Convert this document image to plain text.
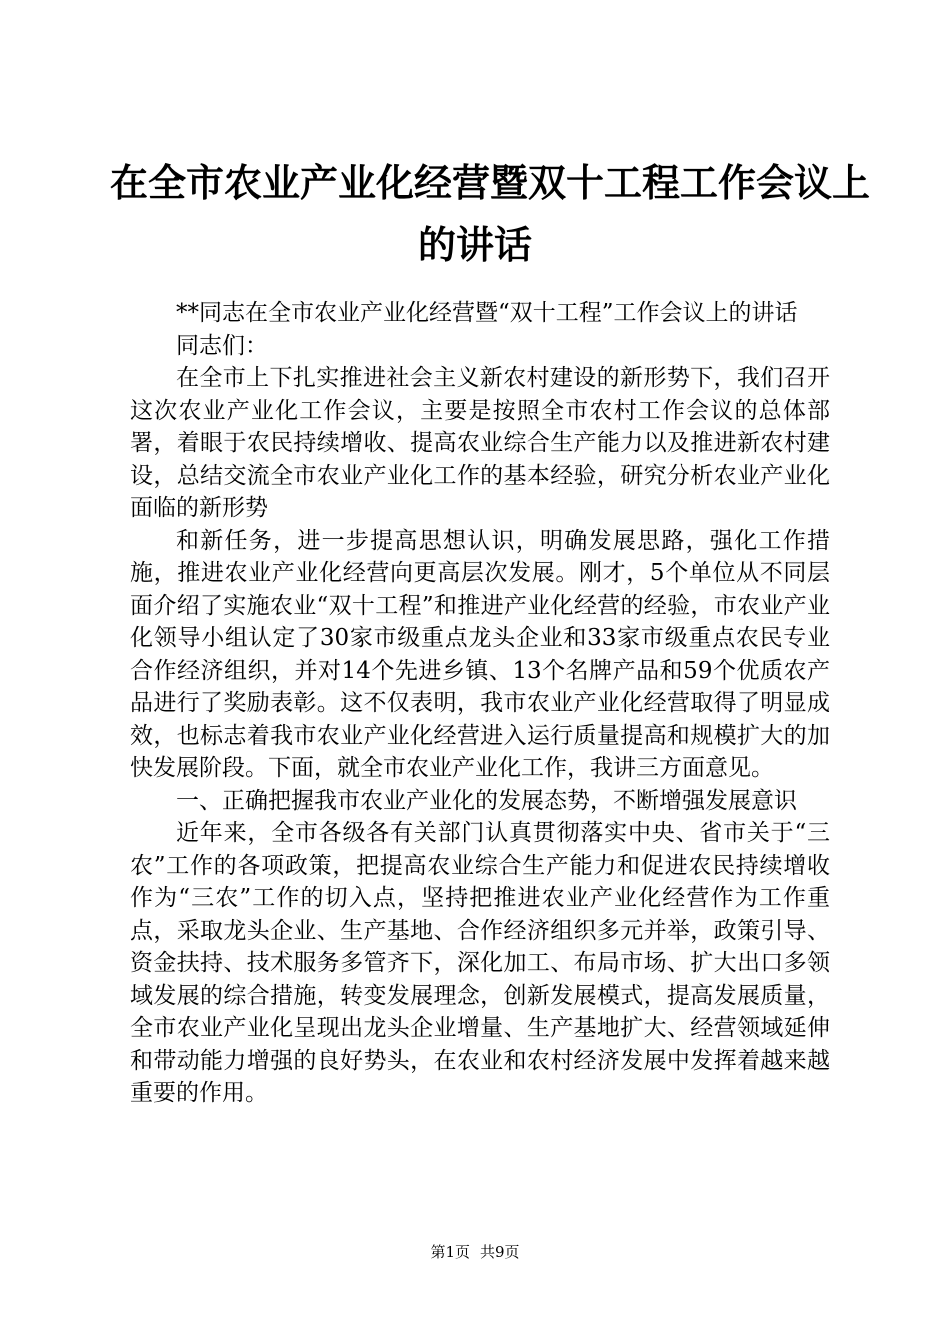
在全市农业产业化经营暨双十工程工作会议上
的讲话

**同志在全市农业产业化经营暨“双十工程”工作会议上的讲话

同志们：

在全市上下扎实推进社会主义新农村建设的新形势下，我们召开这次农业产业化工作会议，主要是按照全市农村工作会议的总体部署，着眼于农民持续增收、提高农业综合生产能力以及推进新农村建设，总结交流全市农业产业化工作的基本经验，研究分析农业产业化面临的新形势

和新任务，进一步提高思想认识，明确发展思路，强化工作措施，推进农业产业化经营向更高层次发展。刚才，5个单位从不同层面介绍了实施农业“双十工程”和推进产业化经营的经验，市农业产业化领导小组认定了30家市级重点龙头企业和33家市级重点农民专业合作经济组织，并对14个先进乡镇、13个名牌产品和59个优质农产品进行了奖励表彰。这不仅表明，我市农业产业化经营取得了明显成效，也标志着我市农业产业化经营进入运行质量提高和规模扩大的加快发展阶段。下面，就全市农业产业化工作，我讲三方面意见。

一、正确把握我市农业产业化的发展态势，不断增强发展意识

近年来，全市各级各有关部门认真贯彻落实中央、省市关于“三农”工作的各项政策，把提高农业综合生产能力和促进农民持续增收作为“三农”工作的切入点，坚持把推进农业产业化经营作为工作重点，采取龙头企业、生产基地、合作经济组织多元并举，政策引导、资金扶持、技术服务多管齐下，深化加工、布局市场、扩大出口多领域发展的综合措施，转变发展理念，创新发展模式，提高发展质量，全市农业产业化呈现出龙头企业增量、生产基地扩大、经营领域延伸和带动能力增强的良好势头，在农业和农村经济发展中发挥着越来越重要的作用。

第1页 共9页
